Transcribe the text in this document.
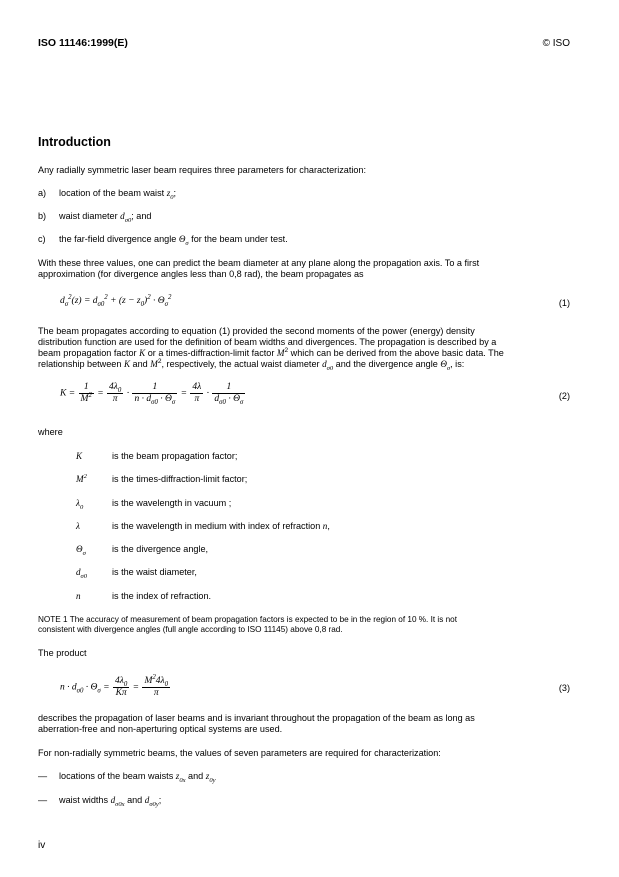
ISO 11146:1999(E)	© ISO
Introduction
Any radially symmetric laser beam requires three parameters for characterization:
a) location of the beam waist $z_0$;
b) waist diameter $d_{\sigma 0}$; and
c) the far-field divergence angle $\Theta_\sigma$ for the beam under test.
With these three values, one can predict the beam diameter at any plane along the propagation axis. To a first
approximation (for divergence angles less than 0,8 rad), the beam propagates as
$d_\sigma^2(z) = d_{\sigma 0}^2 + (z - z_0)^2 \cdot \Theta_\sigma^2$
(1)
The beam propagates according to equation (1) provided the second moments of the power (energy) density
distribution function are used for the definition of beam widths and divergences. The propagation is described by a
beam propagation factor K or a times-diffraction-limit factor $M^2$ which can be derived from the above basic data. The
relationship between K and $M^2$, respectively, the actual waist diameter $d_{\sigma 0}$ and the divergence angle $\Theta_\sigma$, is:
$K = \frac{1}{M^2} = \frac{4\lambda_0}{\pi} \cdot \frac{1}{n \cdot d_{\sigma 0} \cdot \Theta_\sigma} = \frac{4\lambda}{\pi} \cdot \frac{1}{d_{\sigma 0} \cdot \Theta_\sigma}$	(2)
where
K	is the beam propagation factor;
$M^2$	is the times-diffraction-limit factor;
$\lambda_0$	is the wavelength in vacuum ;
λ	is the wavelength in medium with index of refraction n,
$\Theta_\sigma$	is the divergence angle,
$d_{\sigma 0}$	is the waist diameter,
n	is the index of refraction.
NOTE 1 The accuracy of measurement of beam propagation factors is expected to be in the region of 10 %. It is not
consistent with divergence angles (full angle according to ISO 11145) above 0,8 rad.
The product
$n \cdot d_{\sigma 0} \cdot \Theta_\sigma = \frac{4\lambda_0}{K\pi} = \frac{M^24\lambda_0}{\pi}$	(3)
describes the propagation of laser beams and is invariant throughout the propagation of the beam as long as
aberration-free and non-aperturing optical systems are used.
For non-radially symmetric beams, the values of seven parameters are required for characterization:
— locations of the beam waists $z_{0x}$ and $z_{0y}$
— waist widths $d_{\sigma 0x}$ and $d_{\sigma 0y}$;
iv
